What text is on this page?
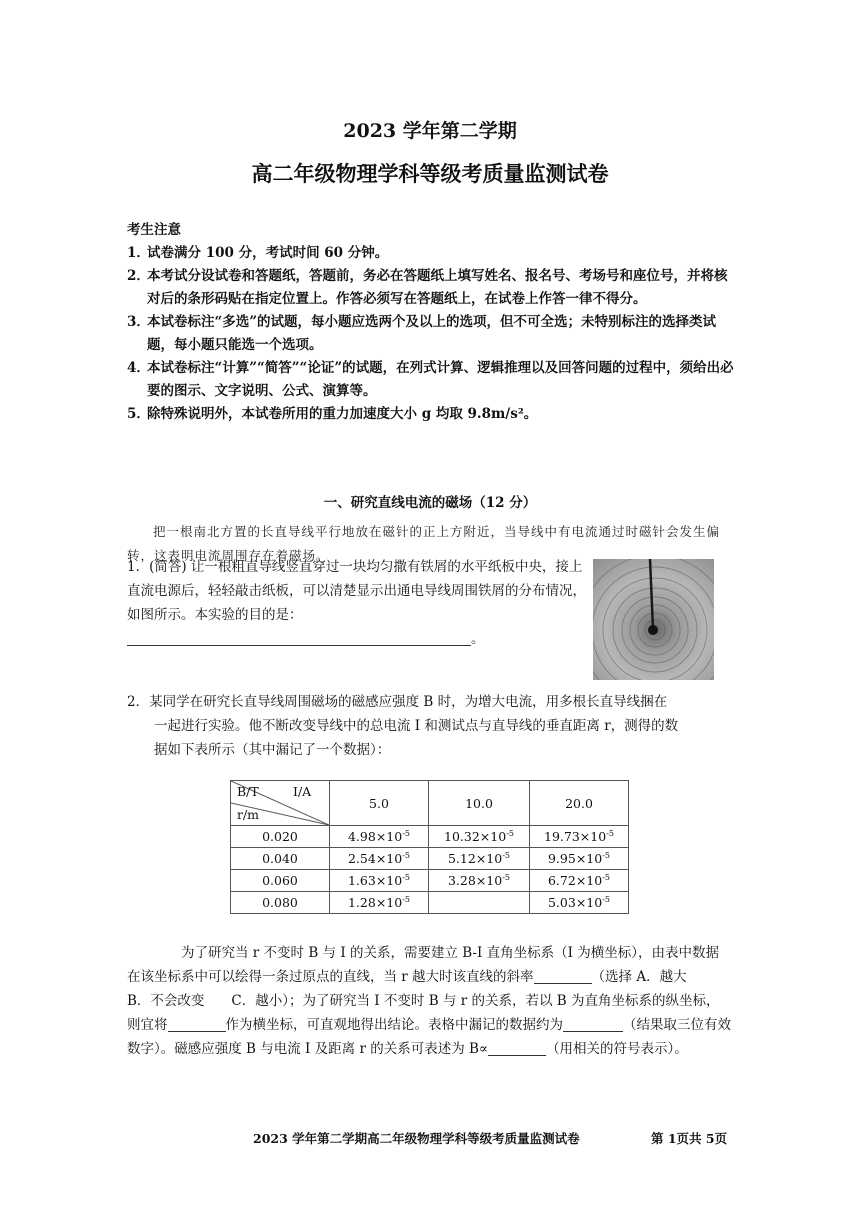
2023 学年第二学期
高二年级物理学科等级考质量监测试卷
考生注意
1．
试卷满分 100 分，考试时间 60 分钟。
2．
本考试分设试卷和答题纸，答题前，务必在答题纸上填写姓名、报名号、考场号和座位号，并将核对后的条形码贴在指定位置上。作答必须写在答题纸上，在试卷上作答一律不得分。
3．
本试卷标注“多选”的试题，每小题应选两个及以上的选项，但不可全选；未特别标注的选择类试题，每小题只能选一个选项。
4．
本试卷标注“计算”“简答”“论证”的试题，在列式计算、逻辑推理以及回答问题的过程中，须给出必要的图示、文字说明、公式、演算等。
5．
除特殊说明外，本试卷所用的重力加速度大小 g 均取 9.8m/s²。
一、研究直线电流的磁场（12 分）
把一根南北方置的长直导线平行地放在磁针的正上方附近，当导线中有电流通过时磁针会发生偏转，这表明电流周围存在着磁场。
1．(简答) 让一根粗直导线竖直穿过一块均匀撒有铁屑的水平纸板中央，接上直流电源后，轻轻敲击纸板，可以清楚显示出通电导线周围铁屑的分布情况，如图所示。本实验的目的是：
。
2．某同学在研究长直导线周围磁场的磁感应强度 B 时，为增大电流，用多根长直导线捆在
一起进行实验。他不断改变导线中的总电流 I 和测试点与直导线的垂直距离 r，测得的数
据如下表所示（其中漏记了一个数据）：
B/T I/A
r/m	5.0	10.0	20.0
0.020	$4.98\times 10^{-5}$	$10.32\times 10^{-5}$	$19.73\times 10^{-5}$
0.040	$2.54\times 10^{-5}$	$5.12\times 10^{-5}$	$9.95\times 10^{-5}$
0.060	$1.63\times 10^{-5}$	$3.28\times 10^{-5}$	$6.72\times 10^{-5}$
0.080	$1.28\times 10^{-5}$		$5.03\times 10^{-5}$
为了研究当 r 不变时 B 与 I 的关系，需要建立 B-I 直角坐标系（I 为横坐标），由表中数据在该坐标系中可以绘得一条过原点的直线，当 r 越大时该直线的斜率	（选择 A．越大　　B．不会改变　　C．越小）；为了研究当 I 不变时 B 与 r 的关系，若以 B 为直角坐标系的纵坐标，则宜将	作为横坐标，可直观地得出结论。表格中漏记的数据约为	（结果取三位有效数字）。磁感应强度 B 与电流 I 及距离 r 的关系可表述为 B∝	（用相关的符号表示）。
2023 学年第二学期高二年级物理学科等级考质量监测试卷	第 1页共 5页
